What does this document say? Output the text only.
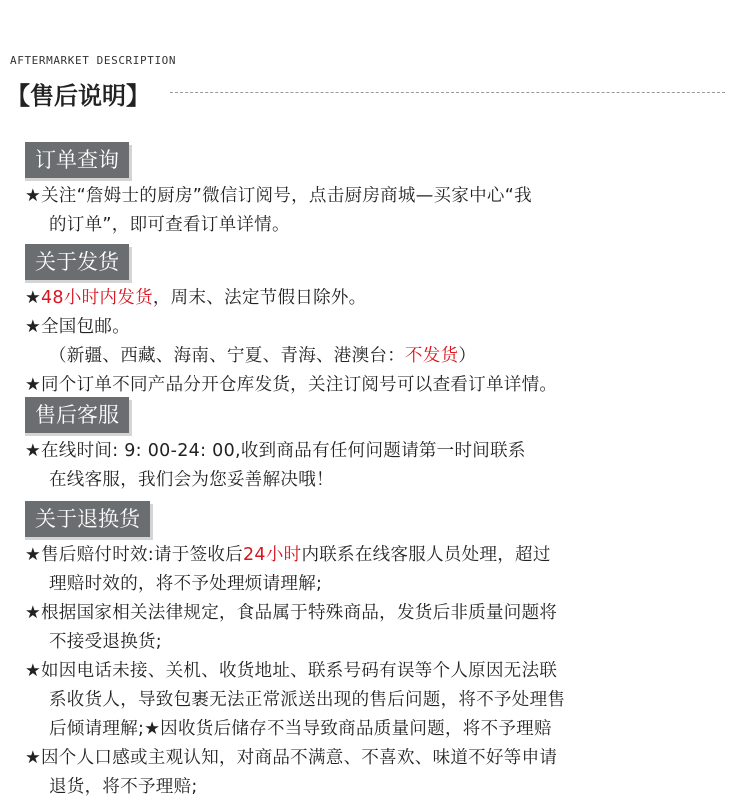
AFTERMARKET DESCRIPTION
【售后说明】
订单查询
★关注“詹姆士的厨房”微信订阅号，点击厨房商城—买家中心“我
的订单”，即可查看订单详情。
关于发货
★48小时内发货，周末、法定节假日除外。
★全国包邮。
（新疆、西藏、海南、宁夏、青海、港澳台：不发货）
★同个订单不同产品分开仓库发货，关注订阅号可以查看订单详情。
售后客服
★在线时间: 9: 00-24: 00,收到商品有任何问题请第一时间联系
在线客服，我们会为您妥善解决哦！
关于退换货
★售后赔付时效:请于签收后24小时内联系在线客服人员处理，超过
理赔时效的，将不予处理烦请理解;
★根据国家相关法律规定，食品属于特殊商品，发货后非质量问题将
不接受退换货;
★如因电话未接、关机、收货地址、联系号码有误等个人原因无法联
系收货人，导致包裹无法正常派送出现的售后问题，将不予处理售
后倾请理解;★因收货后储存不当导致商品质量问题，将不予理赔
★因个人口感或主观认知，对商品不满意、不喜欢、味道不好等申请
退货，将不予理赔;
